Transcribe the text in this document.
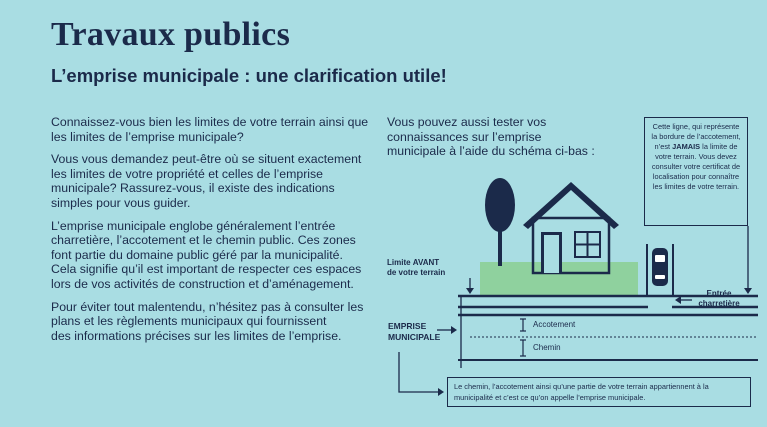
Travaux publics
L’emprise municipale : une clarification utile!

Connaissez-vous bien les limites de votre terrain ainsi que les limites de l’emprise municipale?

Vous vous demandez peut-être où se situent exactement les limites de votre propriété et celles de l’emprise municipale? Rassurez-vous, il existe des indications simples pour vous guider.

L’emprise municipale englobe généralement l’entrée charretière, l’accotement et le chemin public. Ces zones font partie du domaine public géré par la municipalité. Cela signifie qu’il est important de respecter ces espaces lors de vos activités de construction et d’aménagement.

Pour éviter tout malentendu, n’hésitez pas à consulter les plans et les règlements municipaux qui fournissent
des informations précises sur les limites de l’emprise.

Vous pouvez aussi tester vos connaissances sur l’emprise municipale à l’aide du schéma ci-bas :
Cette ligne, qui représente la bordure de l’accotement, n’est JAMAIS la limite de votre terrain. Vous devez consulter votre certificat de localisation pour connaître les limites de votre terrain.
Limite AVANT
de votre terrain
Entrée charretière
EMPRISE
MUNICIPALE
Accotement
Chemin
Le chemin, l’accotement ainsi qu’une partie de votre terrain appartiennent à la municipalité et c’est ce qu’on appelle l’emprise municipale.
